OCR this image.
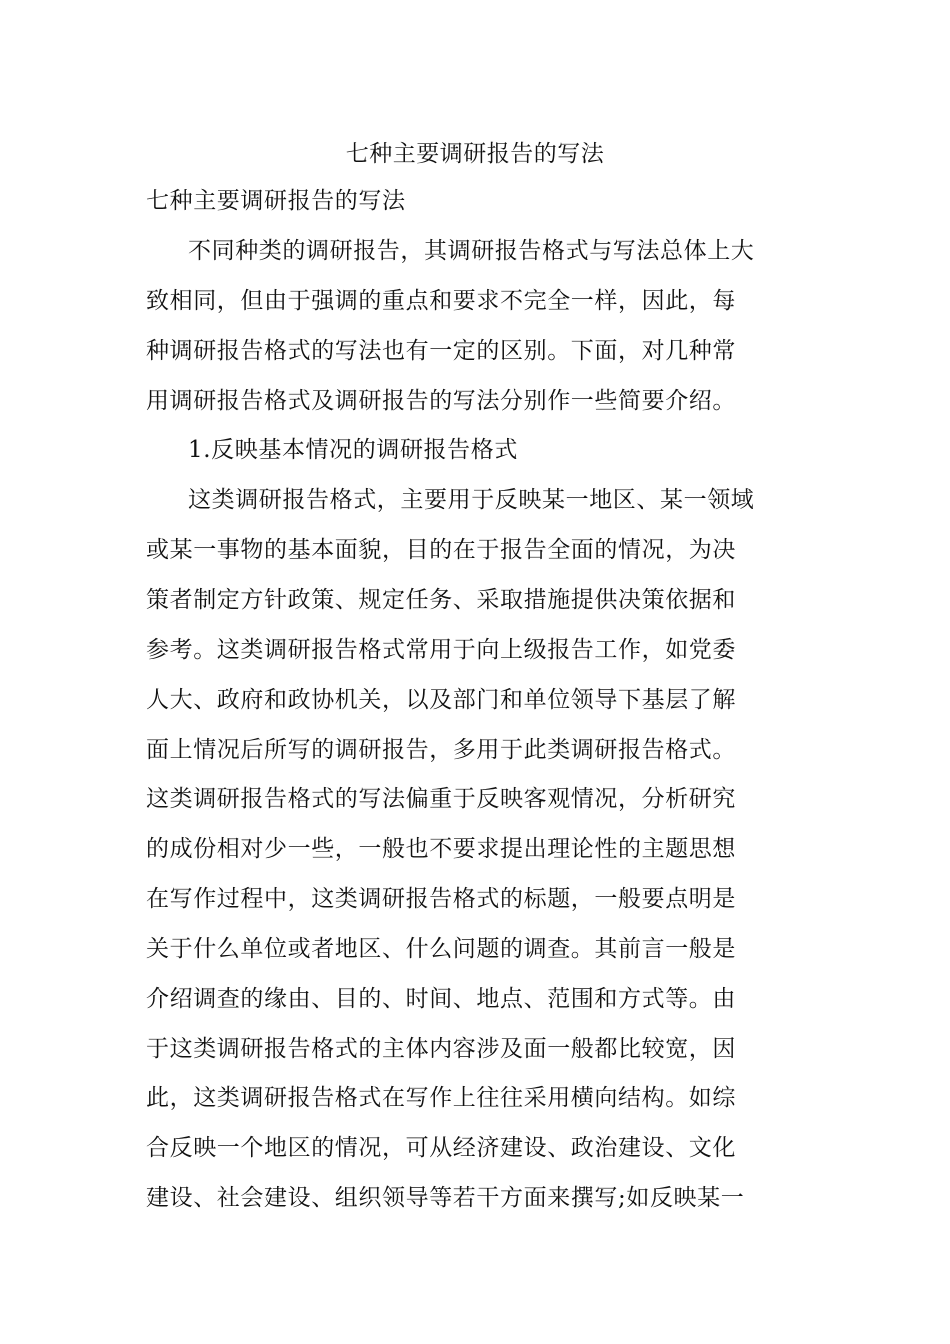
七种主要调研报告的写法
七种主要调研报告的写法
不同种类的调研报告，其调研报告格式与写法总体上大
致相同，但由于强调的重点和要求不完全一样，因此，每
种调研报告格式的写法也有一定的区别。下面，对几种常
用调研报告格式及调研报告的写法分别作一些简要介绍。
1.反映基本情况的调研报告格式
这类调研报告格式，主要用于反映某一地区、某一领域
或某一事物的基本面貌，目的在于报告全面的情况，为决
策者制定方针政策、规定任务、采取措施提供决策依据和
参考。这类调研报告格式常用于向上级报告工作，如党委
人大、政府和政协机关，以及部门和单位领导下基层了解
面上情况后所写的调研报告，多用于此类调研报告格式。
这类调研报告格式的写法偏重于反映客观情况，分析研究
的成份相对少一些，一般也不要求提出理论性的主题思想
在写作过程中，这类调研报告格式的标题，一般要点明是
关于什么单位或者地区、什么问题的调查。其前言一般是
介绍调查的缘由、目的、时间、地点、范围和方式等。由
于这类调研报告格式的主体内容涉及面一般都比较宽，因
此，这类调研报告格式在写作上往往采用横向结构。如综
合反映一个地区的情况，可从经济建设、政治建设、文化
建设、社会建设、组织领导等若干方面来撰写;如反映某一
